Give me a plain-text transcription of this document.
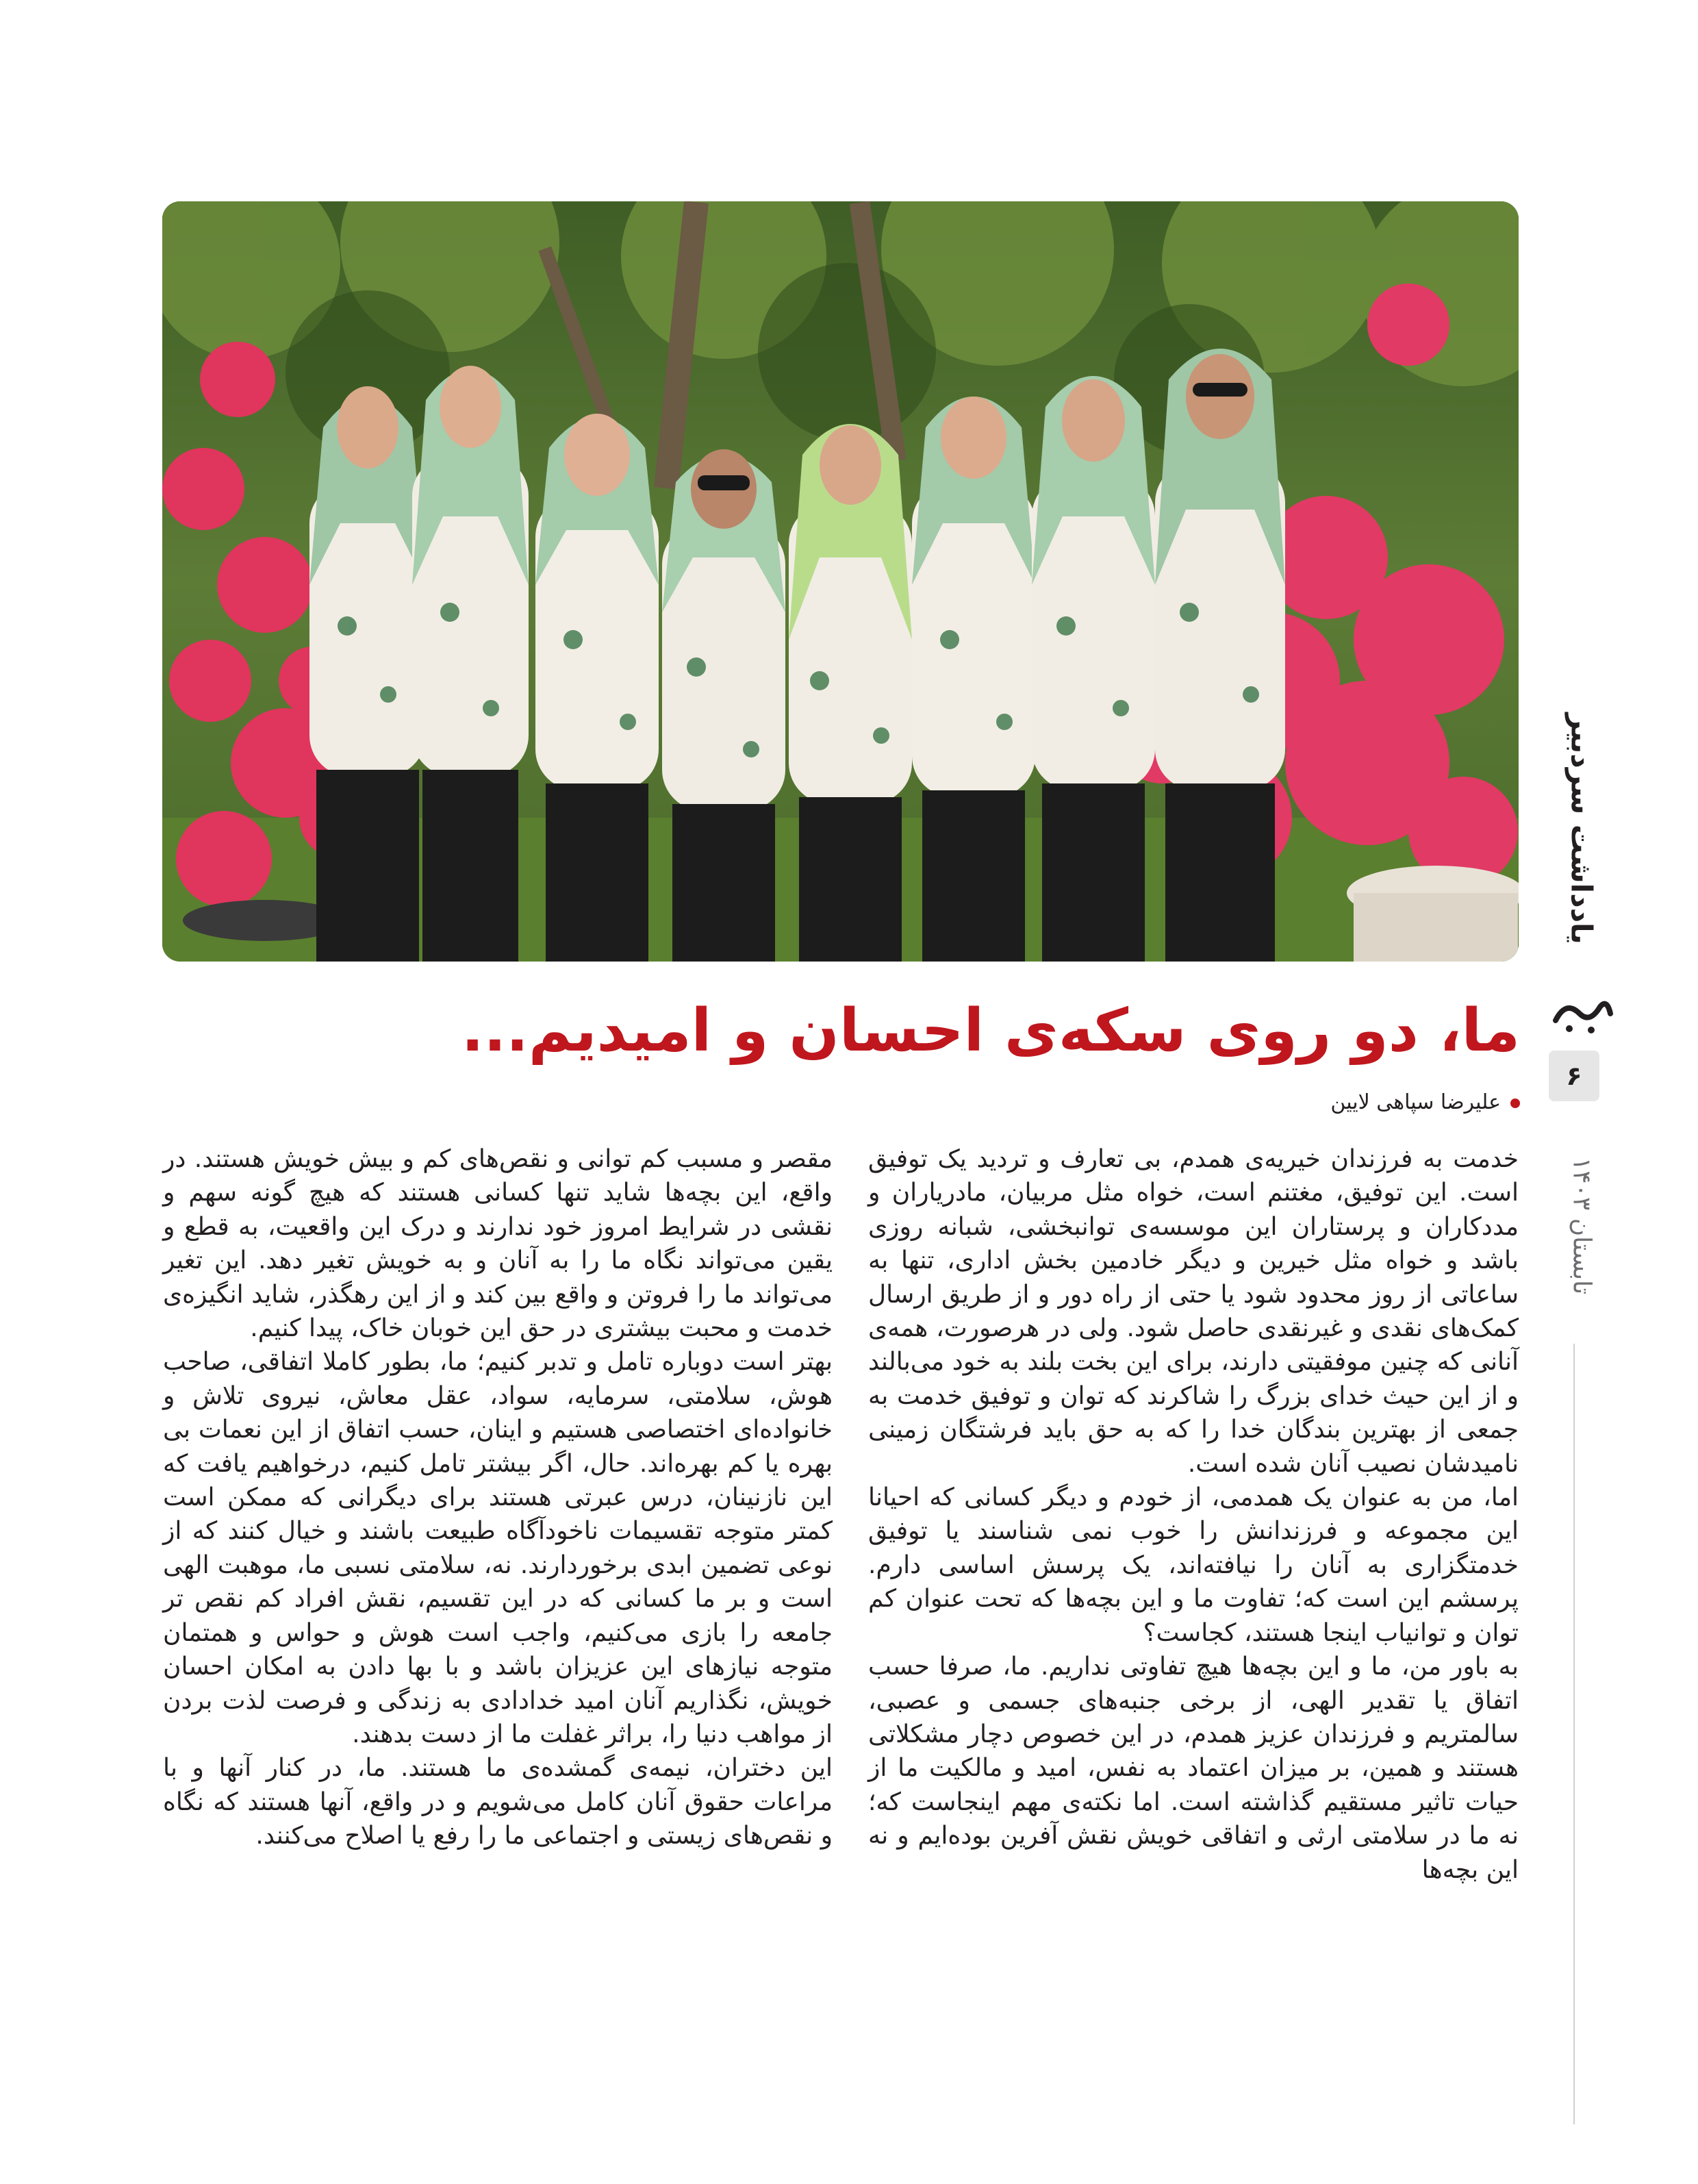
یادداشت سردبیر
۶
تابستان ۱۴۰۳
ما، دو روی سکه‌ی احسان و امیدیم...
علیرضا سپاهی لایین

خدمت به فرزندان خیریه‌ی همدم، بی تعارف و تردید یک توفیق است. این توفیق، مغتنم است، خواه مثل مربیان، مادریاران و مددکاران و پرستاران این موسسه‌ی توانبخشی، شبانه روزی باشد و خواه مثل خیرین و دیگر خادمین بخش اداری، تنها به ساعاتی از روز محدود شود یا حتی از راه دور و از طریق ارسال کمک‌های نقدی و غیرنقدی حاصل شود. ولی در هرصورت، همه‌ی آنانی که چنین موفقیتی دارند، برای این بخت بلند به خود می‌بالند و از این حیث خدای بزرگ را شاکرند که توان و توفیق خدمت به جمعی از بهترین بندگان خدا را که به حق باید فرشتگان زمینی نامیدشان نصیب آنان شده است.

اما، من به عنوان یک همدمی، از خودم و دیگر کسانی که احیانا این مجموعه و فرزندانش را خوب نمی شناسند یا توفیق خدمتگزاری به آنان را نیافته‌اند، یک پرسش اساسی دارم. پرسشم این است که؛ تفاوت ما و این بچه‌ها که تحت عنوان کم توان و توانیاب اینجا هستند، کجاست؟

به باور من، ما و این بچه‌ها هیچ تفاوتی نداریم. ما، صرفا حسب اتفاق یا تقدیر الهی، از برخی جنبه‌های جسمی و عصبی، سالمتریم و فرزندان عزیز همدم، در این خصوص دچار مشکلاتی هستند و همین، بر میزان اعتماد به نفس، امید و مالکیت ما از حیات تاثیر مستقیم گذاشته است. اما نکته‌ی مهم اینجاست که؛ نه ما در سلامتی ارثی و اتفاقی خویش نقش آفرین بوده‌ایم و نه این بچه‌ها

مقصر و مسبب کم توانی و نقص‌های کم و بیش خویش هستند. در واقع، این بچه‌ها شاید تنها کسانی هستند که هیچ گونه سهم و نقشی در شرایط امروز خود ندارند و درک این واقعیت، به قطع و یقین می‌تواند نگاه ما را به آنان و به خویش تغیر دهد. این تغیر می‌تواند ما را فروتن و واقع بین کند و از این رهگذر، شاید انگیزه‌ی خدمت و محبت بیشتری در حق این خوبان خاک، پیدا کنیم.

بهتر است دوباره تامل و تدبر کنیم؛ ما، بطور کاملا اتفاقی، صاحب هوش، سلامتی، سرمایه، سواد، عقل معاش، نیروی تلاش و خانواده‌ای اختصاصی هستیم و اینان، حسب اتفاق از این نعمات بی بهره یا کم بهره‌اند. حال، اگر بیشتر تامل کنیم، درخواهیم یافت که این نازنینان، درس عبرتی هستند برای دیگرانی که ممکن است کمتر متوجه تقسیمات ناخودآگاه طبیعت باشند و خیال کنند که از نوعی تضمین ابدی برخوردارند. نه، سلامتی نسبی ما، موهبت الهی است و بر ما کسانی که در این تقسیم، نقش افراد کم نقص تر جامعه را بازی می‌کنیم، واجب است هوش و حواس و همتمان متوجه نیازهای این عزیزان باشد و با بها دادن به امکان احسان خویش، نگذاریم آنان امید خدادادی به زندگی و فرصت لذت بردن از مواهب دنیا را، براثر غفلت ما از دست بدهند.

این دختران، نیمه‌ی گمشده‌ی ما هستند. ما، در کنار آنها و با مراعات حقوق آنان کامل می‌شویم و در واقع، آنها هستند که نگاه و نقص‌های زیستی و اجتماعی ما را رفع یا اصلاح می‌کنند.
